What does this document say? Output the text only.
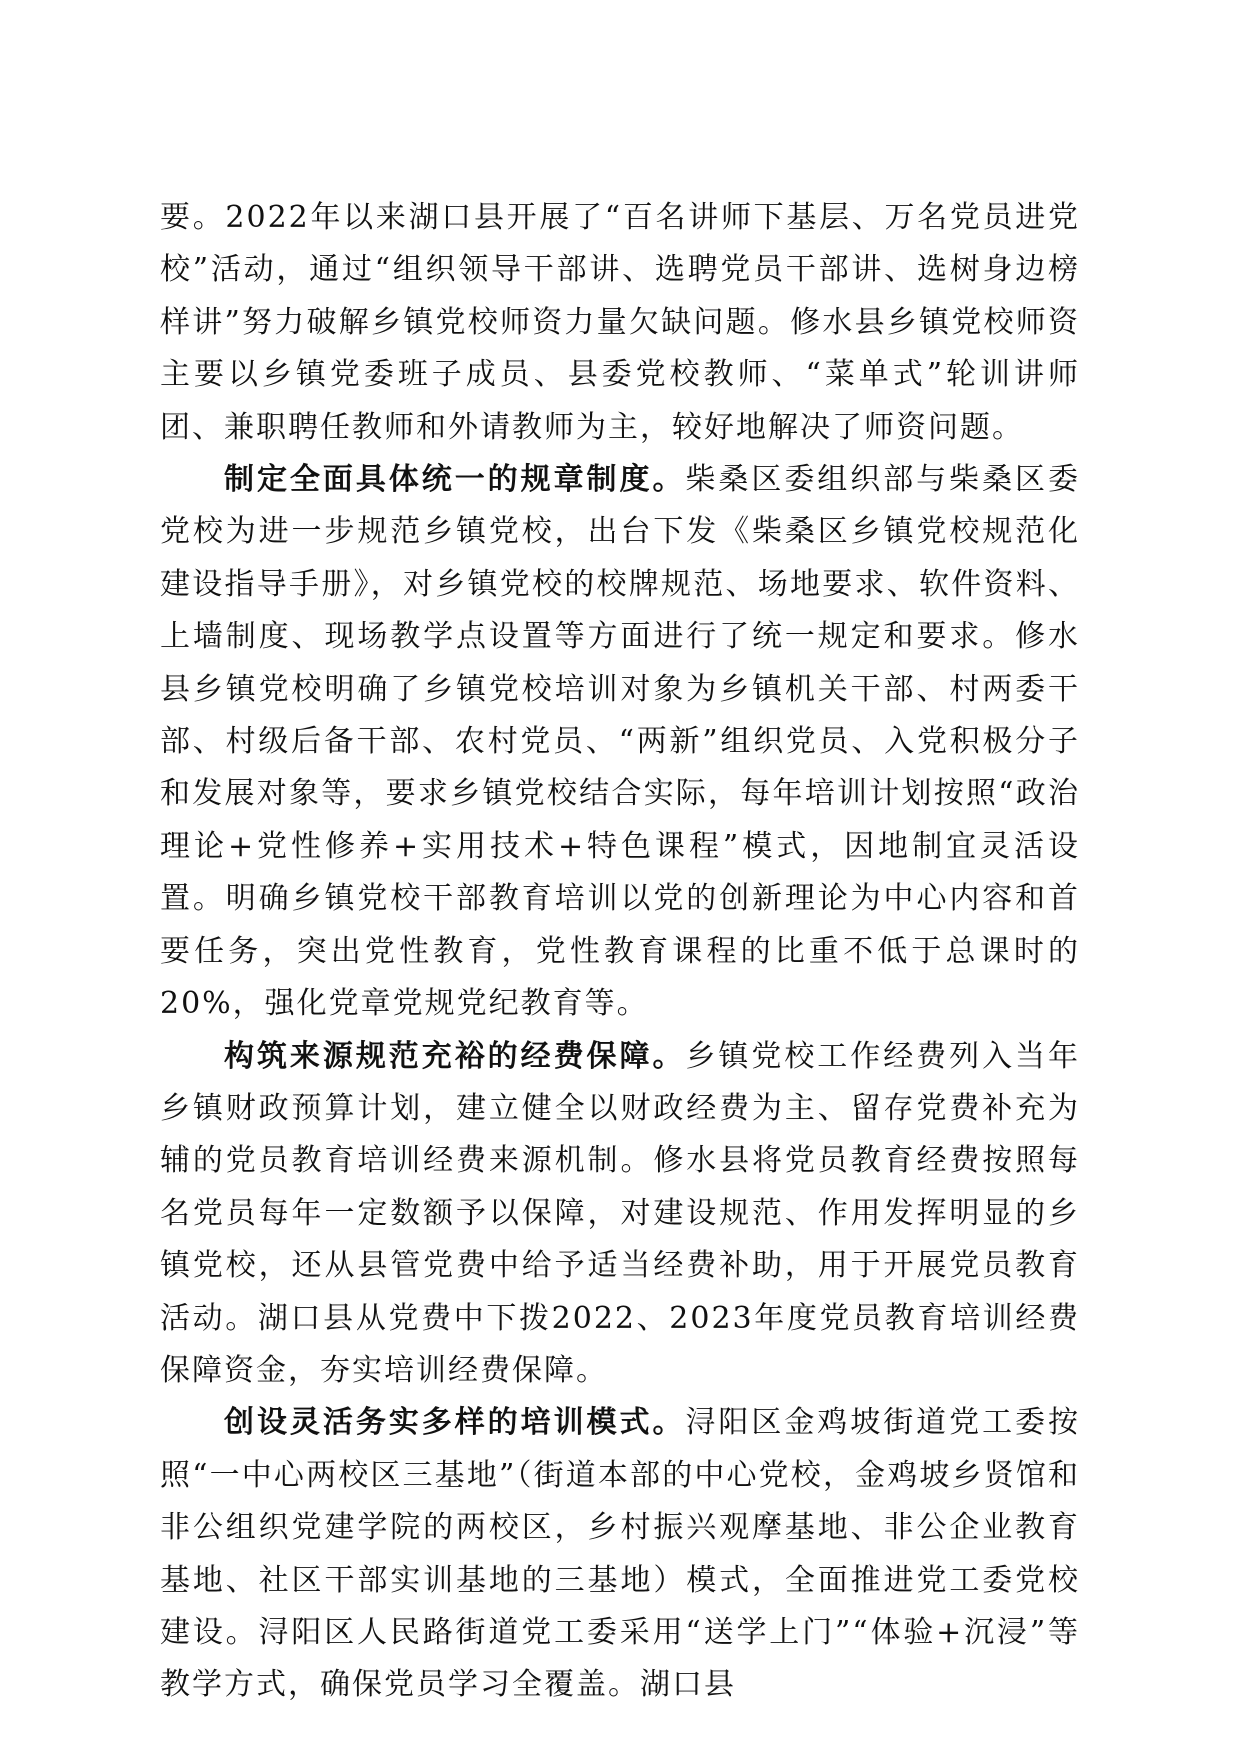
要。2022年以来湖口县开展了“百名讲师下基层、万名党员进党校”活动，通过“组织领导干部讲、选聘党员干部讲、选树身边榜样讲”努力破解乡镇党校师资力量欠缺问题。修水县乡镇党校师资主要以乡镇党委班子成员、县委党校教师、“菜单式”轮训讲师团、兼职聘任教师和外请教师为主，较好地解决了师资问题。

制定全面具体统一的规章制度。柴桑区委组织部与柴桑区委党校为进一步规范乡镇党校，出台下发《柴桑区乡镇党校规范化建设指导手册》，对乡镇党校的校牌规范、场地要求、软件资料、上墙制度、现场教学点设置等方面进行了统一规定和要求。修水县乡镇党校明确了乡镇党校培训对象为乡镇机关干部、村两委干部、村级后备干部、农村党员、“两新”组织党员、入党积极分子和发展对象等，要求乡镇党校结合实际，每年培训计划按照“政治理论+党性修养+实用技术+特色课程”模式，因地制宜灵活设置。明确乡镇党校干部教育培训以党的创新理论为中心内容和首要任务，突出党性教育，党性教育课程的比重不低于总课时的20%，强化党章党规党纪教育等。

构筑来源规范充裕的经费保障。乡镇党校工作经费列入当年乡镇财政预算计划，建立健全以财政经费为主、留存党费补充为辅的党员教育培训经费来源机制。修水县将党员教育经费按照每名党员每年一定数额予以保障，对建设规范、作用发挥明显的乡镇党校，还从县管党费中给予适当经费补助，用于开展党员教育活动。湖口县从党费中下拨2022、2023年度党员教育培训经费保障资金，夯实培训经费保障。

创设灵活务实多样的培训模式。浔阳区金鸡坡街道党工委按照“一中心两校区三基地”（街道本部的中心党校，金鸡坡乡贤馆和非公组织党建学院的两校区，乡村振兴观摩基地、非公企业教育基地、社区干部实训基地的三基地）模式，全面推进党工委党校建设。浔阳区人民路街道党工委采用“送学上门”“体验+沉浸”等教学方式，确保党员学习全覆盖。湖口县
